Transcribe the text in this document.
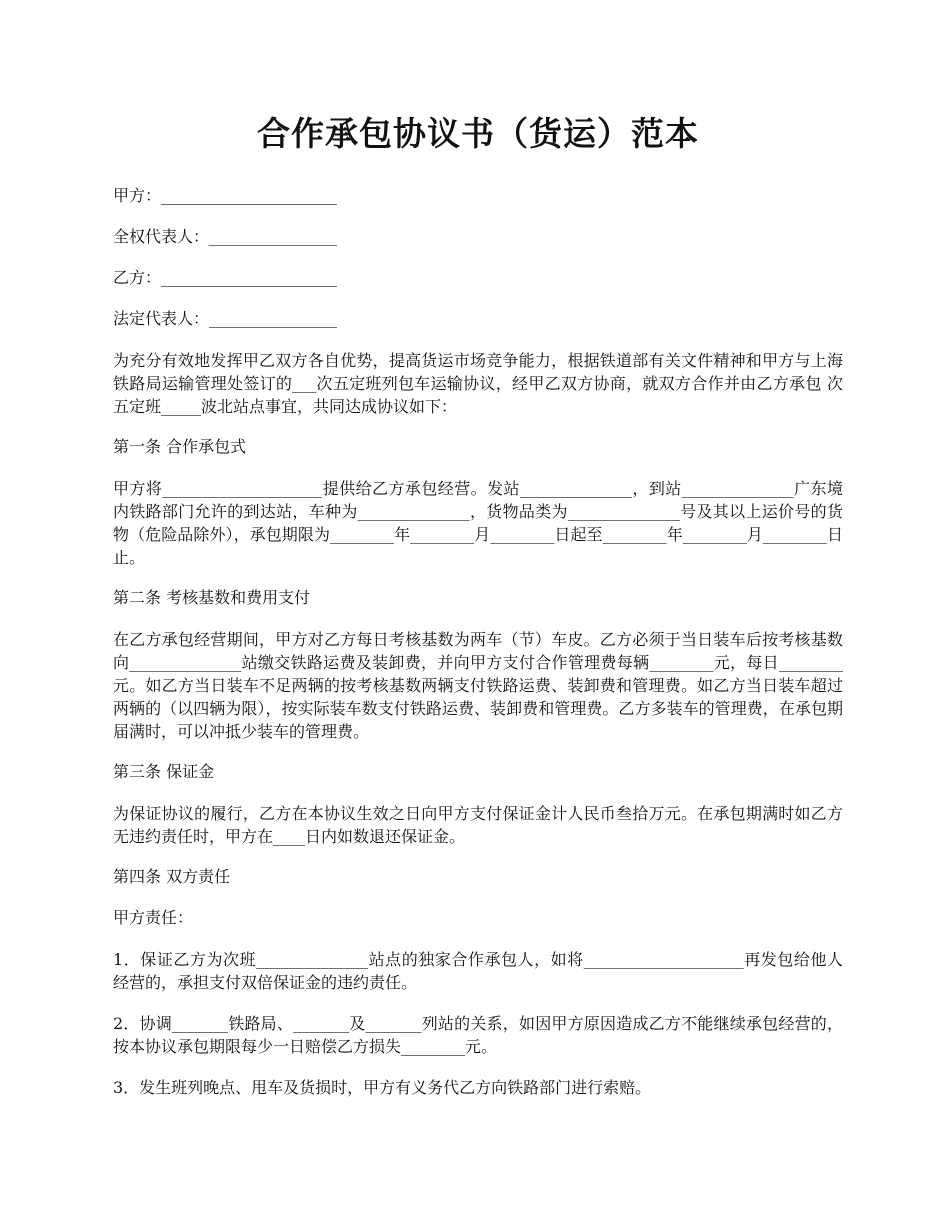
合作承包协议书（货运）范本
甲方：______________________
全权代表人：________________
乙方：______________________
法定代表人：________________

为充分有效地发挥甲乙双方各自优势，提高货运市场竞争能力，根据铁道部有关文件精神和甲方与上海铁路局运输管理处签订的___次五定班列包车运输协议，经甲乙双方协商，就双方合作并由乙方承包 次五定班_____波北站点事宜，共同达成协议如下：

第一条 合作承包式

甲方将____________________提供给乙方承包经营。发站______________，到站______________广东境内铁路部门允许的到达站，车种为______________，货物品类为______________号及其以上运价号的货物（危险品除外），承包期限为________年________月________日起至________年________月________日止。

第二条 考核基数和费用支付

在乙方承包经营期间，甲方对乙方每日考核基数为两车（节）车皮。乙方必须于当日装车后按考核基数向______________站缴交铁路运费及装卸费，并向甲方支付合作管理费每辆________元，每日________元。如乙方当日装车不足两辆的按考核基数两辆支付铁路运费、装卸费和管理费。如乙方当日装车超过两辆的（以四辆为限），按实际装车数支付铁路运费、装卸费和管理费。乙方多装车的管理费，在承包期届满时，可以冲抵少装车的管理费。

第三条 保证金

为保证协议的履行，乙方在本协议生效之日向甲方支付保证金计人民币叁拾万元。在承包期满时如乙方无违约责任时，甲方在____日内如数退还保证金。

第四条 双方责任
甲方责任：

1．保证乙方为次班______________站点的独家合作承包人，如将____________________再发包给他人经营的，承担支付双倍保证金的违约责任。

2．协调_______铁路局、_______及_______列站的关系，如因甲方原因造成乙方不能继续承包经营的，按本协议承包期限每少一日赔偿乙方损失________元。

3．发生班列晚点、甩车及货损时，甲方有义务代乙方向铁路部门进行索赔。
